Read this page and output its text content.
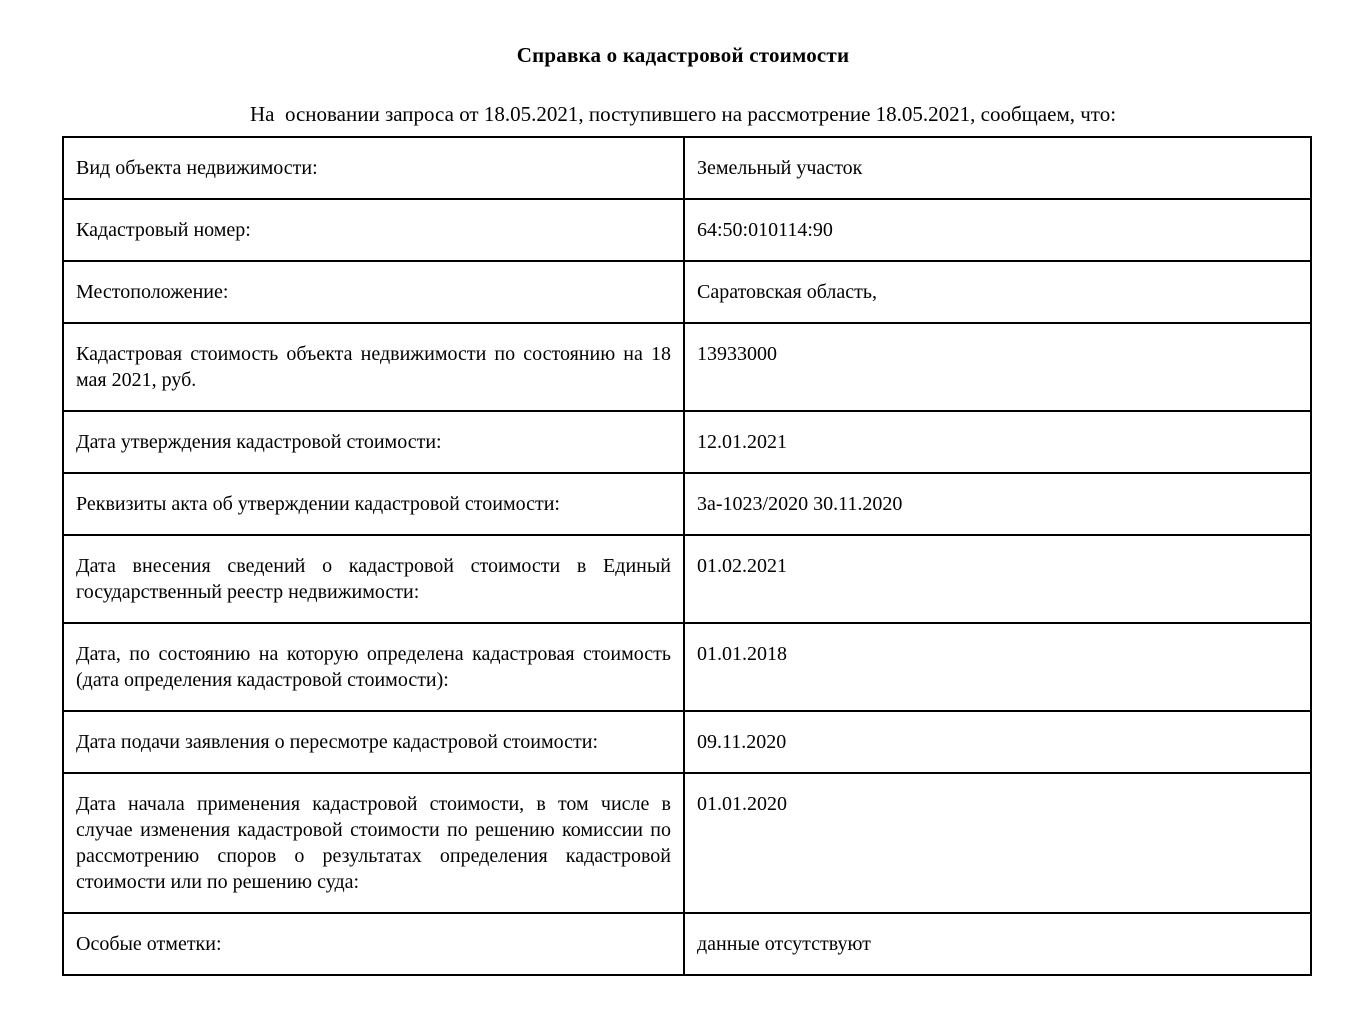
Справка о кадастровой стоимости
На  основании запроса от 18.05.2021, поступившего на рассмотрение 18.05.2021, сообщаем, что:
Вид объекта недвижимости:	Земельный участок
Кадастровый номер:	64:50:010114:90
Местоположение:	Саратовская область,
Кадастровая стоимость объекта недвижимости по состоянию на 18 мая 2021, руб.	13933000
Дата утверждения кадастровой стоимости:	12.01.2021
Реквизиты акта об утверждении кадастровой стоимости:	3а-1023/2020 30.11.2020
Дата внесения сведений о кадастровой стоимости в Единый государственный реестр недвижимости:	01.02.2021
Дата, по состоянию на которую определена кадастровая стоимость (дата определения кадастровой стоимости):	01.01.2018
Дата подачи заявления о пересмотре кадастровой стоимости:	09.11.2020
Дата начала применения кадастровой стоимости, в том числе в случае изменения кадастровой стоимости по решению комиссии по рассмотрению споров о результатах определения кадастровой стоимости или по решению суда:	01.01.2020
Особые отметки:	данные отсутствуют
